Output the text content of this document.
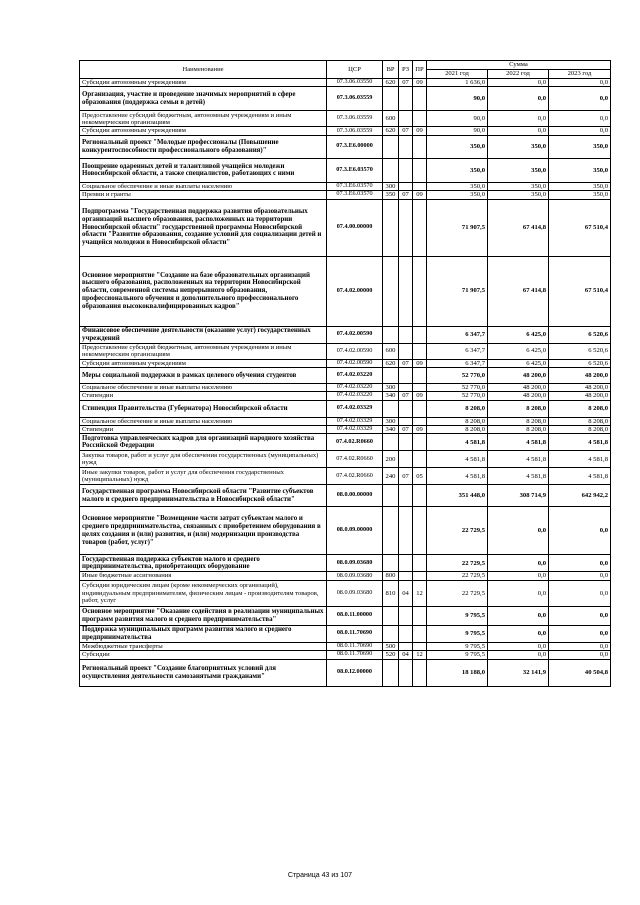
Наименование	ЦСР	ВР	РЗ	ПР	Сумма		
					2021 год	2022 год	2023 год
Субсидии автономным учреждениям	07.3.06.03550	620	07	09	1 636,0	0,0	0,0
Организация, участие и проведение значимых мероприятий в сфере образования (поддержка семьи в детей)	07.3.06.03559				90,0	0,0	0,0
Предоставление субсидий бюджетным, автономным учреждениям и иным некоммерческим организациям	07.3.06.03559	600			90,0	0,0	0,0
Субсидии автономным учреждениям	07.3.06.03559	620	07	09	90,0	0,0	0,0
Региональный проект "Молодые профессионалы (Повышение конкурентоспособности профессионального образования)"	07.3.Е6.00000				350,0	350,0	350,0
Поощрение одаренных детей и талантливой учащейся молодежи Новосибирской области, а также специалистов, работающих с ними	07.3.Е6.03570				350,0	350,0	350,0
Социальное обеспечение и иные выплаты населению	07.3.Е6.03570	300			350,0	350,0	350,0
Премии и гранты	07.3.Е6.03570	350	07	09	350,0	350,0	350,0
Подпрограмма "Государственная поддержка развития образовательных организаций высшего образования, расположенных на территории Новосибирской области" государственной программы Новосибирской области "Развитие образования, создание условий для социализации детей и учащейся молодежи в Новосибирской области"	07.4.00.00000				71 907,5	67 414,8	67 510,4
Основное мероприятие "Создание на базе образовательных организаций высшего образования, расположенных на территории Новосибирской области, современной системы непрерывного образования, профессионального обучения и дополнительного профессионального образования высококвалифицированных кадров"	07.4.02.00000				71 907,5	67 414,8	67 510,4
Финансовое обеспечение деятельности (оказание услуг) государственных учреждений	07.4.02.00590				6 347,7	6 425,0	6 520,6
Предоставление субсидий бюджетным, автономным учреждениям и иным некоммерческим организациям	07.4.02.00590	600			6 347,7	6 425,0	6 520,6
Субсидии автономным учреждениям	07.4.02.00590	620	07	09	6 347,7	6 425,0	6 520,6
Меры социальной поддержки в рамках целевого обучения студентов	07.4.02.03220				52 770,0	48 200,0	48 200,0
Социальное обеспечение и иные выплаты населению	07.4.02.03220	300			52 770,0	48 200,0	48 200,0
Стипендии	07.4.02.03220	340	07	09	52 770,0	48 200,0	48 200,0
Стипендия Правительства (Губернатора) Новосибирской области	07.4.02.03329				8 208,0	8 208,0	8 208,0
Социальное обеспечение и иные выплаты населению	07.4.02.03329	300			8 208,0	8 208,0	8 208,0
Стипендии	07.4.02.03329	340	07	09	8 208,0	8 208,0	8 208,0
Подготовка управленческих кадров для организаций народного хозяйства Российской Федерации	07.4.02.R0660				4 581,8	4 581,8	4 581,8
Закупка товаров, работ и услуг для обеспечения государственных (муниципальных) нужд	07.4.02.R0660	200			4 581,8	4 581,8	4 581,8
Иные закупки товаров, работ и услуг для обеспечения государственных (муниципальных) нужд	07.4.02.R0660	240	07	05	4 581,8	4 581,8	4 581,8
Государственная программа Новосибирской области "Развитие субъектов малого и среднего предпринимательства в Новосибирской области"	08.0.00.00000				351 448,0	308 714,9	642 942,2
Основное мероприятие "Возмещение части затрат субъектам малого и среднего предпринимательства, связанных с приобретением оборудования в целях создания и (или) развития, и (или) модернизации производства товаров (работ, услуг)"	08.0.09.00000				22 729,5	0,0	0,0
Государственная поддержка субъектов малого и среднего предпринимательства, приобретающих оборудование	08.0.09.03680				22 729,5	0,0	0,0
Иные бюджетные ассигнования	08.0.09.03680	800			22 729,5	0,0	0,0
Субсидии юридическим лицам (кроме некоммерческих организаций), индивидуальным предпринимателям, физическим лицам - производителям товаров, работ, услуг	08.0.09.03680	810	04	12	22 729,5	0,0	0,0
Основное мероприятие "Оказание содействия в реализации муниципальных программ развития малого и среднего предпринимательства"	08.0.11.00000				9 795,5	0,0	0,0
Поддержка муниципальных программ развития малого и среднего предпринимательства	08.0.11.70690				9 795,5	0,0	0,0
Межбюджетные трансферты	08.0.11.70690	500			9 795,5	0,0	0,0
Субсидии	08.0.11.70690	520	04	12	9 795,5	0,0	0,0
Региональный проект "Создание благоприятных условий для осуществления деятельности самозанятыми гражданами"	08.0.I2.00000				18 188,0	32 141,9	40 504,8
Страница 43 из 107
